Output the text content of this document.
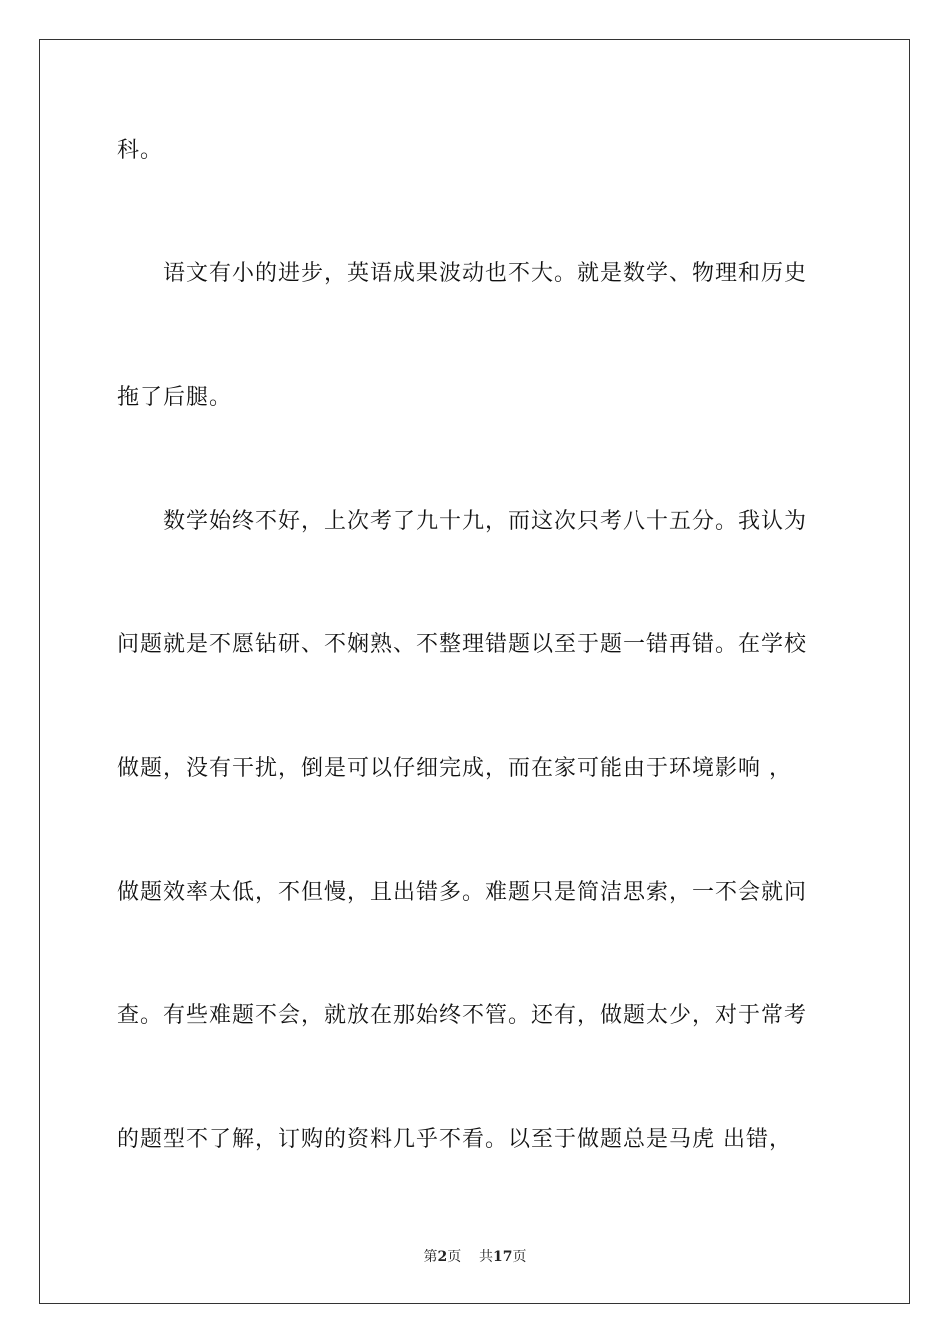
科。
语文有小的进步，英语成果波动也不大。就是数学、物理和历史
拖了后腿。
数学始终不好，上次考了九十九，而这次只考八十五分。我认为
问题就是不愿钻研、不娴熟、不整理错题以至于题一错再错。在学校
做题，没有干扰，倒是可以仔细完成，而在家可能由于环境影响 ，
做题效率太低，不但慢，且出错多。难题只是简洁思索，一不会就问
查。有些难题不会，就放在那始终不管。还有，做题太少，对于常考
的题型不了解，订购的资料几乎不看。以至于做题总是马虎 出错，
第2页 共17页
